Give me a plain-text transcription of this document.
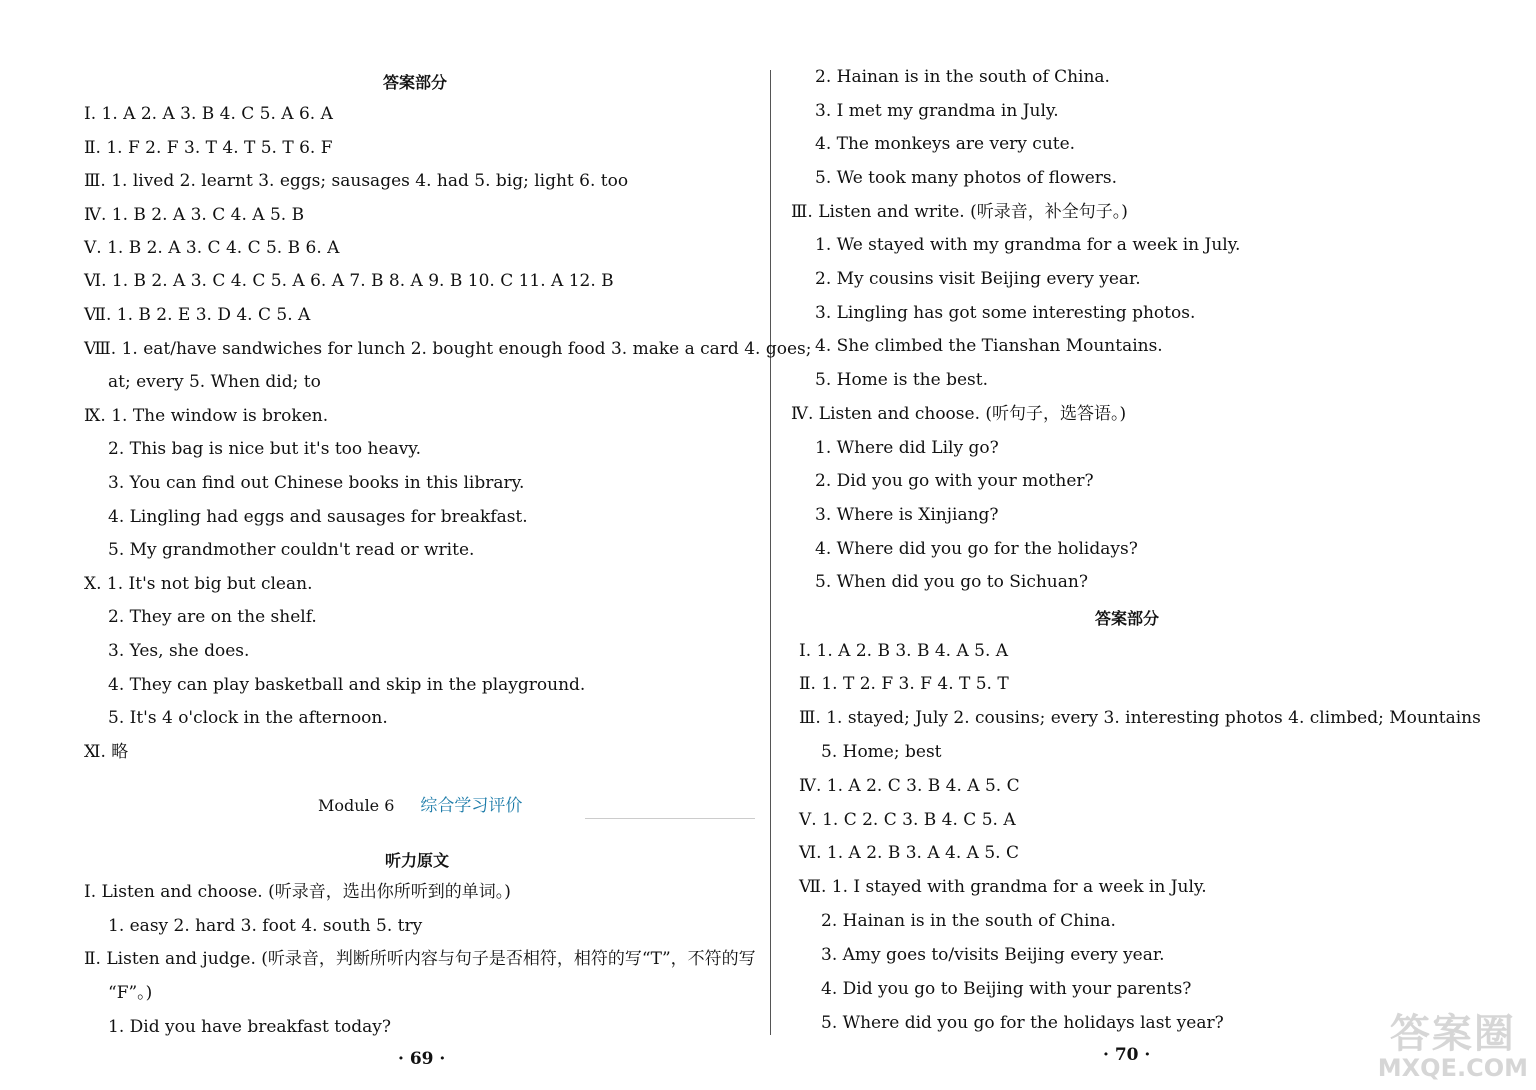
答案部分
Ⅰ. 1. A 2. A 3. B 4. C 5. A 6. A
Ⅱ. 1. F 2. F 3. T 4. T 5. T 6. F
Ⅲ. 1. lived 2. learnt 3. eggs; sausages 4. had 5. big; light 6. too
Ⅳ. 1. B 2. A 3. C 4. A 5. B
Ⅴ. 1. B 2. A 3. C 4. C 5. B 6. A
Ⅵ. 1. B 2. A 3. C 4. C 5. A 6. A 7. B 8. A 9. B 10. C 11. A 12. B
Ⅶ. 1. B 2. E 3. D 4. C 5. A
Ⅷ. 1. eat/have sandwiches for lunch 2. bought enough food 3. make a card 4. goes;
at; every 5. When did; to
Ⅸ. 1. The window is broken.
2. This bag is nice but it's too heavy.
3. You can find out Chinese books in this library.
4. Lingling had eggs and sausages for breakfast.
5. My grandmother couldn't read or write.
Ⅹ. 1. It's not big but clean.
2. They are on the shelf.
3. Yes, she does.
4. They can play basketball and skip in the playground.
5. It's 4 o'clock in the afternoon.
Ⅺ. 略
Module 6 综合学习评价
听力原文
Ⅰ. Listen and choose. (听录音，选出你所听到的单词。)
1. easy 2. hard 3. foot 4. south 5. try
Ⅱ. Listen and judge. (听录音，判断所听内容与句子是否相符，相符的写“T”，不符的写
“F”。)
1. Did you have breakfast today?
· 69 ·
2. Hainan is in the south of China.
3. I met my grandma in July.
4. The monkeys are very cute.
5. We took many photos of flowers.
Ⅲ. Listen and write. (听录音，补全句子。)
1. We stayed with my grandma for a week in July.
2. My cousins visit Beijing every year.
3. Lingling has got some interesting photos.
4. She climbed the Tianshan Mountains.
5. Home is the best.
Ⅳ. Listen and choose. (听句子，选答语。)
1. Where did Lily go?
2. Did you go with your mother?
3. Where is Xinjiang?
4. Where did you go for the holidays?
5. When did you go to Sichuan?
答案部分
Ⅰ. 1. A 2. B 3. B 4. A 5. A
Ⅱ. 1. T 2. F 3. F 4. T 5. T
Ⅲ. 1. stayed; July 2. cousins; every 3. interesting photos 4. climbed; Mountains
5. Home; best
Ⅳ. 1. A 2. C 3. B 4. A 5. C
Ⅴ. 1. C 2. C 3. B 4. C 5. A
Ⅵ. 1. A 2. B 3. A 4. A 5. C
Ⅶ. 1. I stayed with grandma for a week in July.
2. Hainan is in the south of China.
3. Amy goes to/visits Beijing every year.
4. Did you go to Beijing with your parents?
5. Where did you go for the holidays last year?
· 70 ·	答案圈
MXQE.COM
